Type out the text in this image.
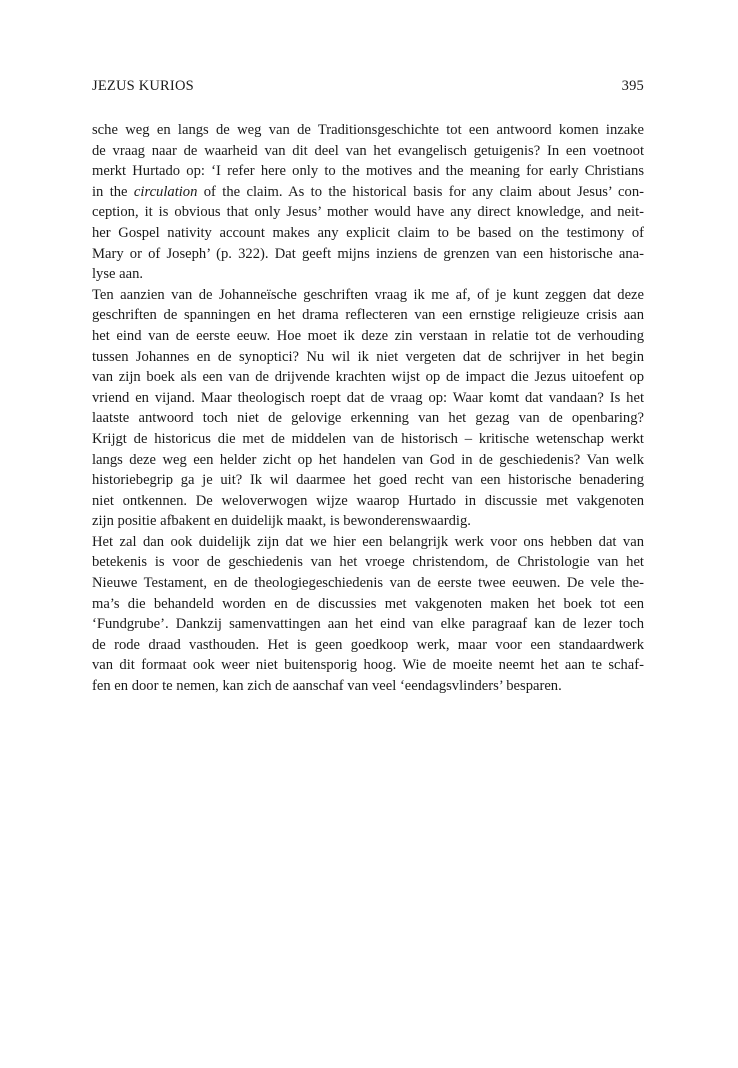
JEZUS KURIOS	395
sche weg en langs de weg van de Traditionsgeschichte tot een antwoord komen inzake
de vraag naar de waarheid van dit deel van het evangelisch getuigenis? In een voetnoot
merkt Hurtado op: ‘I refer here only to the motives and the meaning for early Christians
in the circulation of the claim. As to the historical basis for any claim about Jesus’ con-
ception, it is obvious that only Jesus’ mother would have any direct knowledge, and neit-
her Gospel nativity account makes any explicit claim to be based on the testimony of
Mary or of Joseph’ (p. 322). Dat geeft mijns inziens de grenzen van een historische ana-
lyse aan.
Ten aanzien van de Johanneïsche geschriften vraag ik me af, of je kunt zeggen dat deze
geschriften de spanningen en het drama reflecteren van een ernstige religieuze crisis aan
het eind van de eerste eeuw. Hoe moet ik deze zin verstaan in relatie tot de verhouding
tussen Johannes en de synoptici? Nu wil ik niet vergeten dat de schrijver in het begin
van zijn boek als een van de drijvende krachten wijst op de impact die Jezus uitoefent op
vriend en vijand. Maar theologisch roept dat de vraag op: Waar komt dat vandaan? Is het
laatste antwoord toch niet de gelovige erkenning van het gezag van de openbaring?
Krijgt de historicus die met de middelen van de historisch – kritische wetenschap werkt
langs deze weg een helder zicht op het handelen van God in de geschiedenis? Van welk
historiebegrip ga je uit? Ik wil daarmee het goed recht van een historische benadering
niet ontkennen. De weloverwogen wijze waarop Hurtado in discussie met vakgenoten
zijn positie afbakent en duidelijk maakt, is bewonderenswaardig.
Het zal dan ook duidelijk zijn dat we hier een belangrijk werk voor ons hebben dat van
betekenis is voor de geschiedenis van het vroege christendom, de Christologie van het
Nieuwe Testament, en de theologiegeschiedenis van de eerste twee eeuwen. De vele the-
ma’s die behandeld worden en de discussies met vakgenoten maken het boek tot een
‘Fundgrube’. Dankzij samenvattingen aan het eind van elke paragraaf kan de lezer toch
de rode draad vasthouden. Het is geen goedkoop werk, maar voor een standaardwerk
van dit formaat ook weer niet buitensporig hoog. Wie de moeite neemt het aan te schaf-
fen en door te nemen, kan zich de aanschaf van veel ‘eendagsvlinders’ besparen.
